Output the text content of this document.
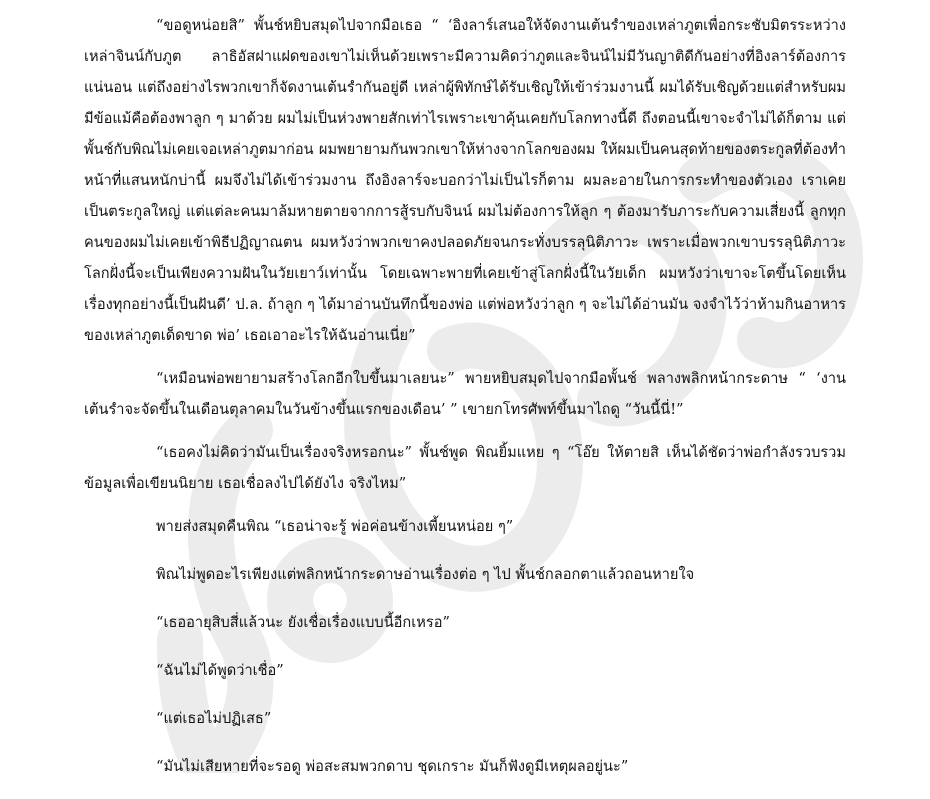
“ขอดูหน่อยสิ” พั้นช์หยิบสมุดไปจากมือเธอ “ ‘อิงลาร์เสนอให้จัดงานเต้นรำของเหล่าภูตเพื่อกระชับมิตรระหว่างเหล่าจินน์กับภูต ลาธิอัสฝาแฝดของเขาไม่เห็นด้วยเพราะมีความคิดว่าภูตและจินน์ไม่มีวันญาติดีกันอย่างที่อิงลาร์ต้องการแน่นอน แต่ถึงอย่างไรพวกเขาก็จัดงานเต้นรำกันอยู่ดี เหล่าผู้พิทักษ์ได้รับเชิญให้เข้าร่วมงานนี้ ผมได้รับเชิญด้วยแต่สำหรับผมมีข้อแม้คือต้องพาลูก ๆ มาด้วย ผมไม่เป็นห่วงพายสักเท่าไรเพราะเขาคุ้นเคยกับโลกทางนี้ดี ถึงตอนนี้เขาจะจำไม่ได้ก็ตาม แต่พั้นช์กับพิณไม่เคยเจอเหล่าภูตมาก่อน ผมพยายามกันพวกเขาให้ห่างจากโลกของผม ให้ผมเป็นคนสุดท้ายของตระกูลที่ต้องทำหน้าที่แสนหนักบ่านี้ ผมจึงไม่ได้เข้าร่วมงาน ถึงอิงลาร์จะบอกว่าไม่เป็นไรก็ตาม ผมละอายในการกระทำของตัวเอง เราเคยเป็นตระกูลใหญ่ แต่แต่ละคนมาล้มหายตายจากการสู้รบกับจินน์ ผมไม่ต้องการให้ลูก ๆ ต้องมารับภาระกับความเสี่ยงนี้ ลูกทุกคนของผมไม่เคยเข้าพิธีปฏิญาณตน ผมหวังว่าพวกเขาคงปลอดภัยจนกระทั่งบรรลุนิติภาวะ เพราะเมื่อพวกเขาบรรลุนิติภาวะโลกฝั่งนี้จะเป็นเพียงความฝันในวัยเยาว์เท่านั้น โดยเฉพาะพายที่เคยเข้าสู่โลกฝั่งนี้ในวัยเด็ก ผมหวังว่าเขาจะโตขึ้นโดยเห็นเรื่องทุกอย่างนี้เป็นฝันดี’ ป.ล. ถ้าลูก ๆ ได้มาอ่านบันทึกนี้ของพ่อ แต่พ่อหวังว่าลูก ๆ จะไม่ได้อ่านมัน จงจำไว้ว่าห้ามกินอาหารของเหล่าภูตเด็ดขาด พ่อ’ เธอเอาอะไรให้ฉันอ่านเนี่ย”

“เหมือนพ่อพยายามสร้างโลกอีกใบขึ้นมาเลยนะ” พายหยิบสมุดไปจากมือพั้นช์ พลางพลิกหน้ากระดาษ “ ‘งานเต้นรำจะจัดขึ้นในเดือนตุลาคมในวันข้างขึ้นแรกของเดือน’ ” เขายกโทรศัพท์ขึ้นมาไถดู “วันนี้นี่!”

“เธอคงไม่คิดว่ามันเป็นเรื่องจริงหรอกนะ” พั้นช์พูด พิณยิ้มแหย ๆ “โอ๊ย ให้ตายสิ เห็นได้ชัดว่าพ่อกำลังรวบรวมข้อมูลเพื่อเขียนนิยาย เธอเชื่อลงไปได้ยังไง จริงไหม”

พายส่งสมุดคืนพิณ “เธอน่าจะรู้ พ่อค่อนข้างเพี้ยนหน่อย ๆ”

พิณไม่พูดอะไรเพียงแต่พลิกหน้ากระดาษอ่านเรื่องต่อ ๆ ไป พั้นช์กลอกตาแล้วถอนหายใจ

“เธออายุสิบสี่แล้วนะ ยังเชื่อเรื่องแบบนี้อีกเหรอ”

“ฉันไม่ได้พูดว่าเชื่อ”

“แต่เธอไม่ปฏิเสธ”

“มันไม่เสียหายที่จะรอดู พ่อสะสมพวกดาบ ชุดเกราะ มันก็ฟังดูมีเหตุผลอยู่นะ”
